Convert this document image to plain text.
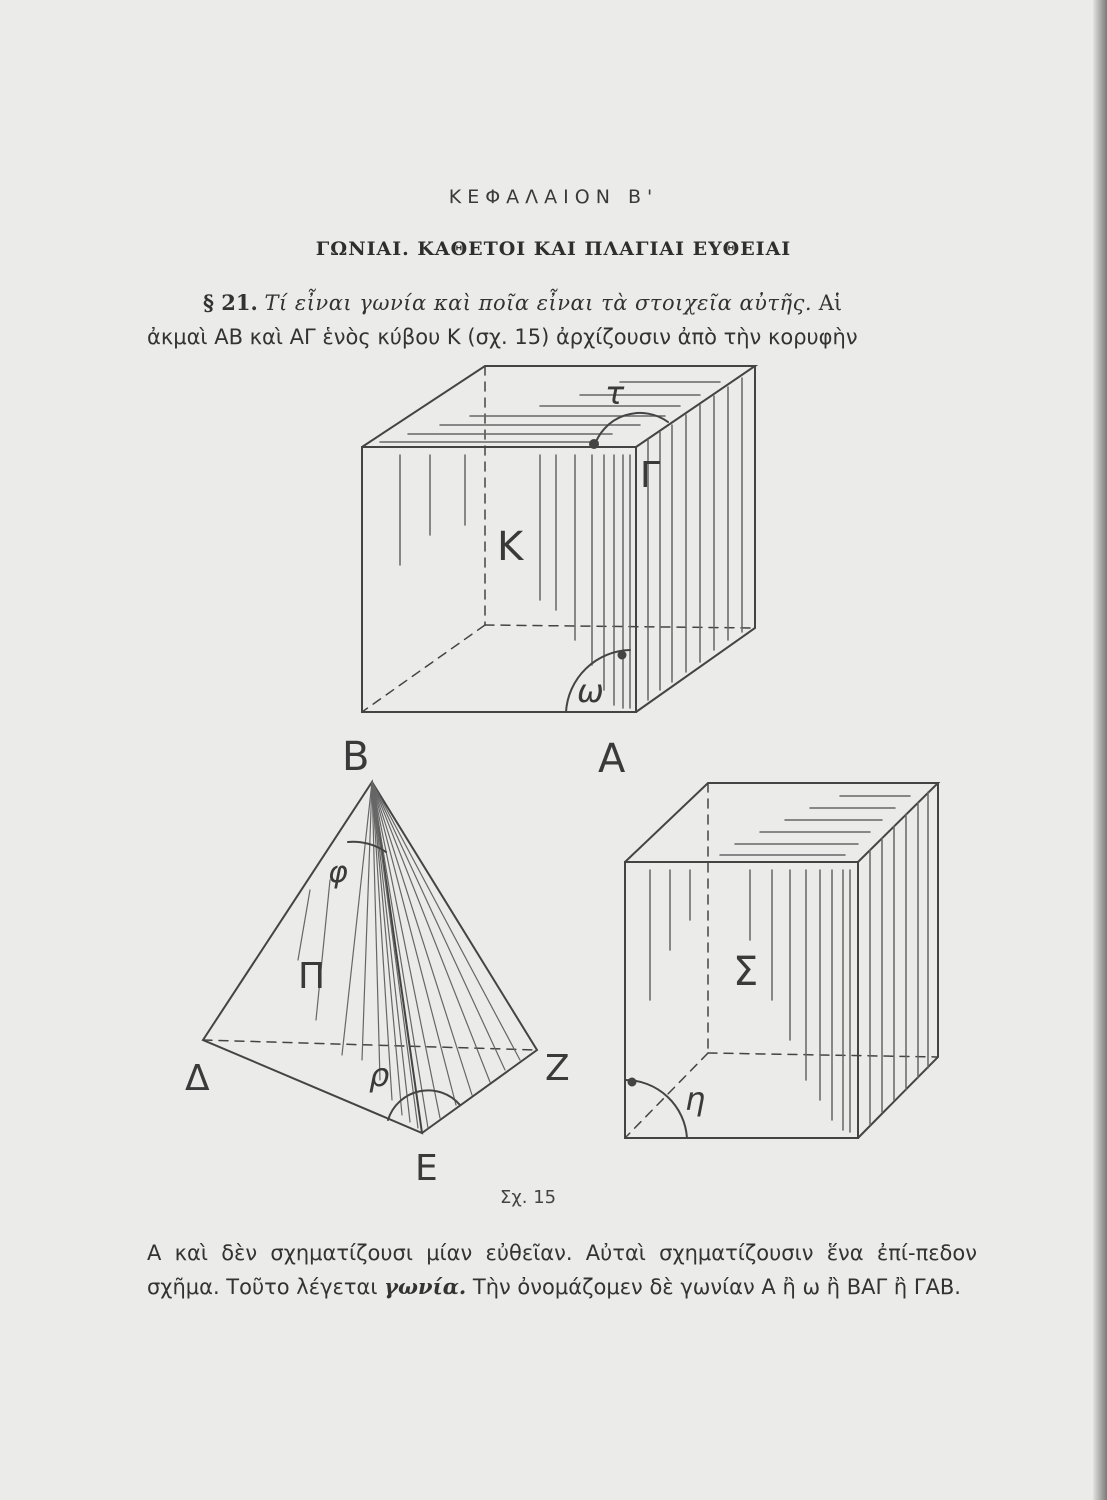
ΚΕΦΑΛΑΙΟΝ Β'
ΓΩΝΙΑΙ. ΚΑΘΕΤΟΙ ΚΑΙ ΠΛΑΓΙΑΙ ΕΥΘΕΙΑΙ
§ 21. Τί εἶναι γωνία καὶ ποῖα εἶναι τὰ στοιχεῖα αὐτῆς. Αἱ
ἀκμαὶ ΑΒ καὶ ΑΓ ἑνὸς κύβου Κ (σχ. 15) ἀρχίζουσιν ἀπὸ τὴν κορυφὴν
Κ
τ
Γ
ω
Β	Α
Π
φ
ρ
Δ	Ζ
Ε
Σ
η
Σχ. 15
Α καὶ δὲν σχηματίζουσι μίαν εὐθεῖαν. Αὐταὶ σχηματίζουσιν ἕνα ἐπί-πεδον σχῆμα. Τοῦτο λέγεται γωνία. Τὴν ὀνομάζομεν δὲ γωνίαν Α ἢ ω ἢ ΒΑΓ ἢ ΓΑΒ.
